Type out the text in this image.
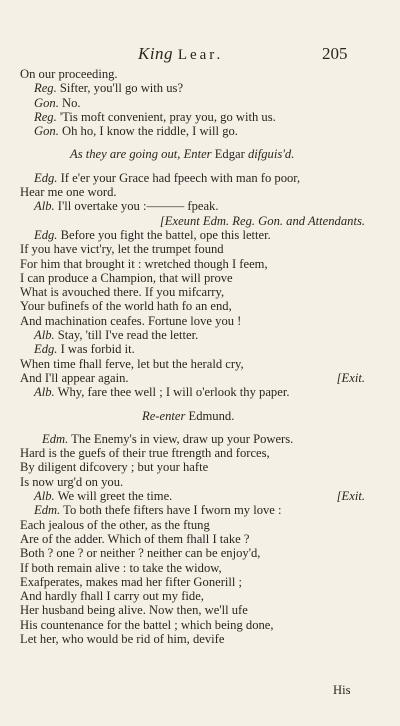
King Lear.	205
On our proceeding.
Reg. Sifter, you'll go with us?
Gon. No.
Reg. 'Tis moft convenient, pray you, go with us.
Gon. Oh ho, I know the riddle, I will go.
As they are going out, Enter Edgar difguis'd.
Edg. If e'er your Grace had fpeech with man fo poor,
Hear me one word.
Alb. I'll overtake you :——— fpeak.
[Exeunt Edm. Reg. Gon. and Attendants.
Edg. Before you fight the battel, ope this letter.
If you have vict'ry, let the trumpet found
For him that brought it : wretched though I feem,
I can produce a Champion, that will prove
What is avouched there. If you mifcarry,
Your bufinefs of the world hath fo an end,
And machination ceafes. Fortune love you !
Alb. Stay, 'till I've read the letter.
Edg. I was forbid it.
When time fhall ferve, let but the herald cry,
And I'll appear again.	[Exit.
Alb. Why, fare thee well ; I will o'erlook thy paper.
Re-enter Edmund.
Edm. The Enemy's in view, draw up your Powers.
Hard is the guefs of their true ftrength and forces,
By diligent difcovery ; but your hafte
Is now urg'd on you.
Alb. We will greet the time.	[Exit.
Edm. To both thefe fifters have I fworn my love :
Each jealous of the other, as the ftung
Are of the adder. Which of them fhall I take ?
Both ? one ? or neither ? neither can be enjoy'd,
If both remain alive : to take the widow,
Exafperates, makes mad her fifter Gonerill ;
And hardly fhall I carry out my fide,
Her husband being alive. Now then, we'll ufe
His countenance for the battel ; which being done,
Let her, who would be rid of him, devife
His
